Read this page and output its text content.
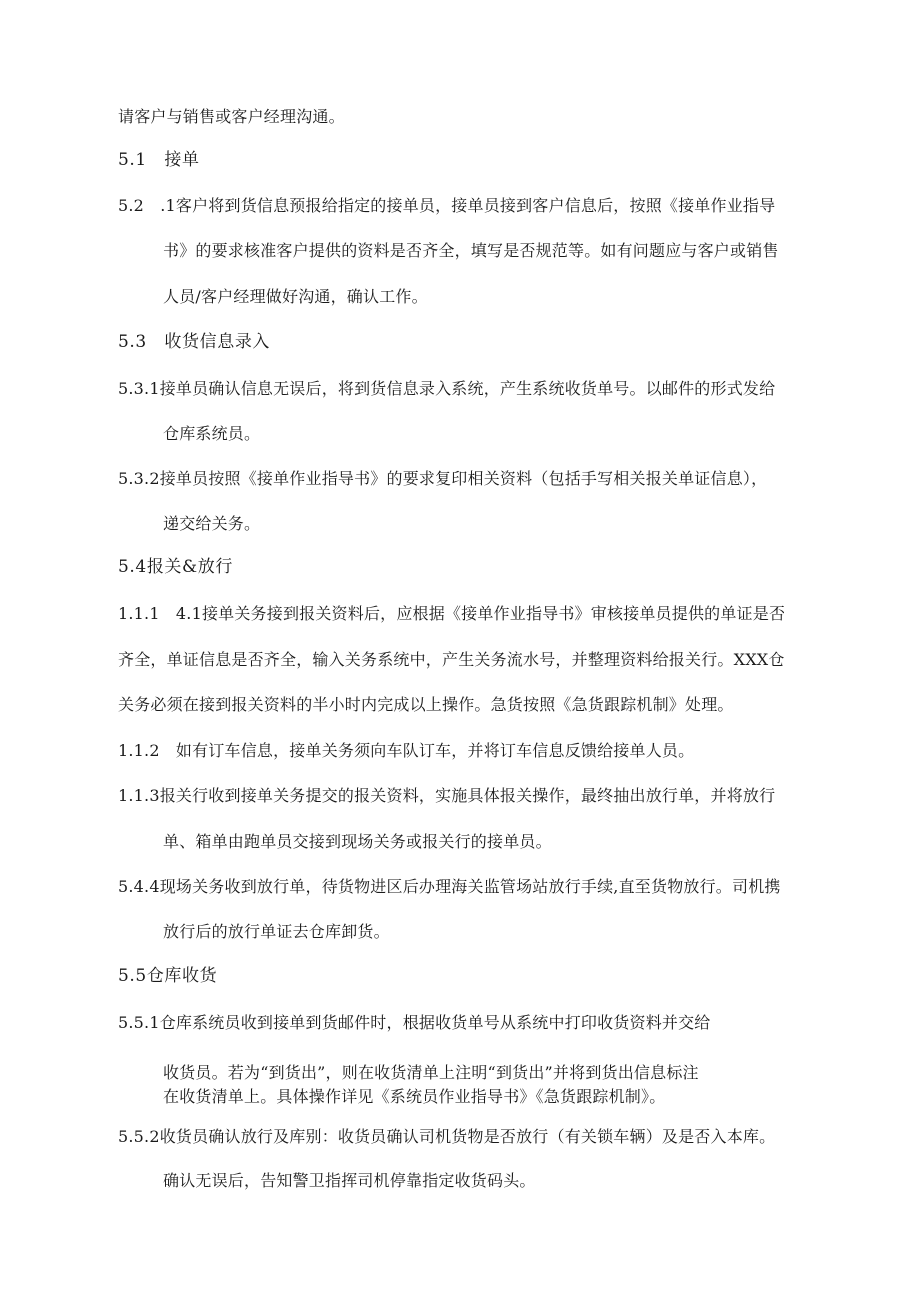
请客户与销售或客户经理沟通。
5.1　接单
5.2　.1客户将到货信息预报给指定的接单员，接单员接到客户信息后，按照《接单作业指导
书》的要求核准客户提供的资料是否齐全，填写是否规范等。如有问题应与客户或销售
人员/客户经理做好沟通，确认工作。
5.3　收货信息录入
5.3.1接单员确认信息无误后，将到货信息录入系统，产生系统收货单号。以邮件的形式发给
仓库系统员。
5.3.2接单员按照《接单作业指导书》的要求复印相关资料（包括手写相关报关单证信息），
递交给关务。
5.4报关&放行
1.1.1　4.1接单关务接到报关资料后，应根据《接单作业指导书》审核接单员提供的单证是否
齐全，单证信息是否齐全，输入关务系统中，产生关务流水号，并整理资料给报关行。XXX仓
关务必须在接到报关资料的半小时内完成以上操作。急货按照《急货跟踪机制》处理。
1.1.2　如有订车信息，接单关务须向车队订车，并将订车信息反馈给接单人员。
1.1.3报关行收到接单关务提交的报关资料，实施具体报关操作，最终抽出放行单，并将放行
单、箱单由跑单员交接到现场关务或报关行的接单员。
5.4.4现场关务收到放行单，待货物进区后办理海关监管场站放行手续,直至货物放行。司机携
放行后的放行单证去仓库卸货。
5.5仓库收货
5.5.1仓库系统员收到接单到货邮件时，根据收货单号从系统中打印收货资料并交给
收货员。若为“到货出”，则在收货清单上注明“到货出”并将到货出信息标注
在收货清单上。具体操作详见《系统员作业指导书》《急货跟踪机制》。
5.5.2收货员确认放行及库别：收货员确认司机货物是否放行（有关锁车辆）及是否入本库。
确认无误后，告知警卫指挥司机停靠指定收货码头。
